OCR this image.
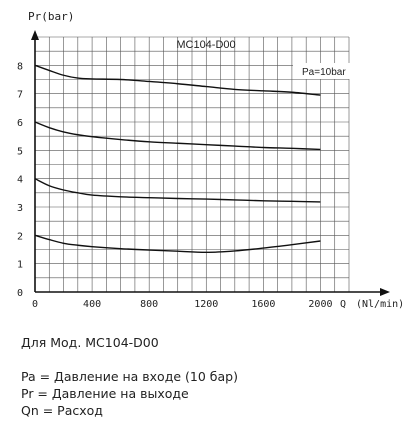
0	400	800	1200	1600	2000
0
1
2
3
4
5
6
7
8
Pr(bar)
MC104-D00
Pa=10bar
Q (Nl/min)
Для Мод. MC104-D00
Pa = Давление на входе (10 бар)
Pr = Давление на выходе
Qn = Расход
